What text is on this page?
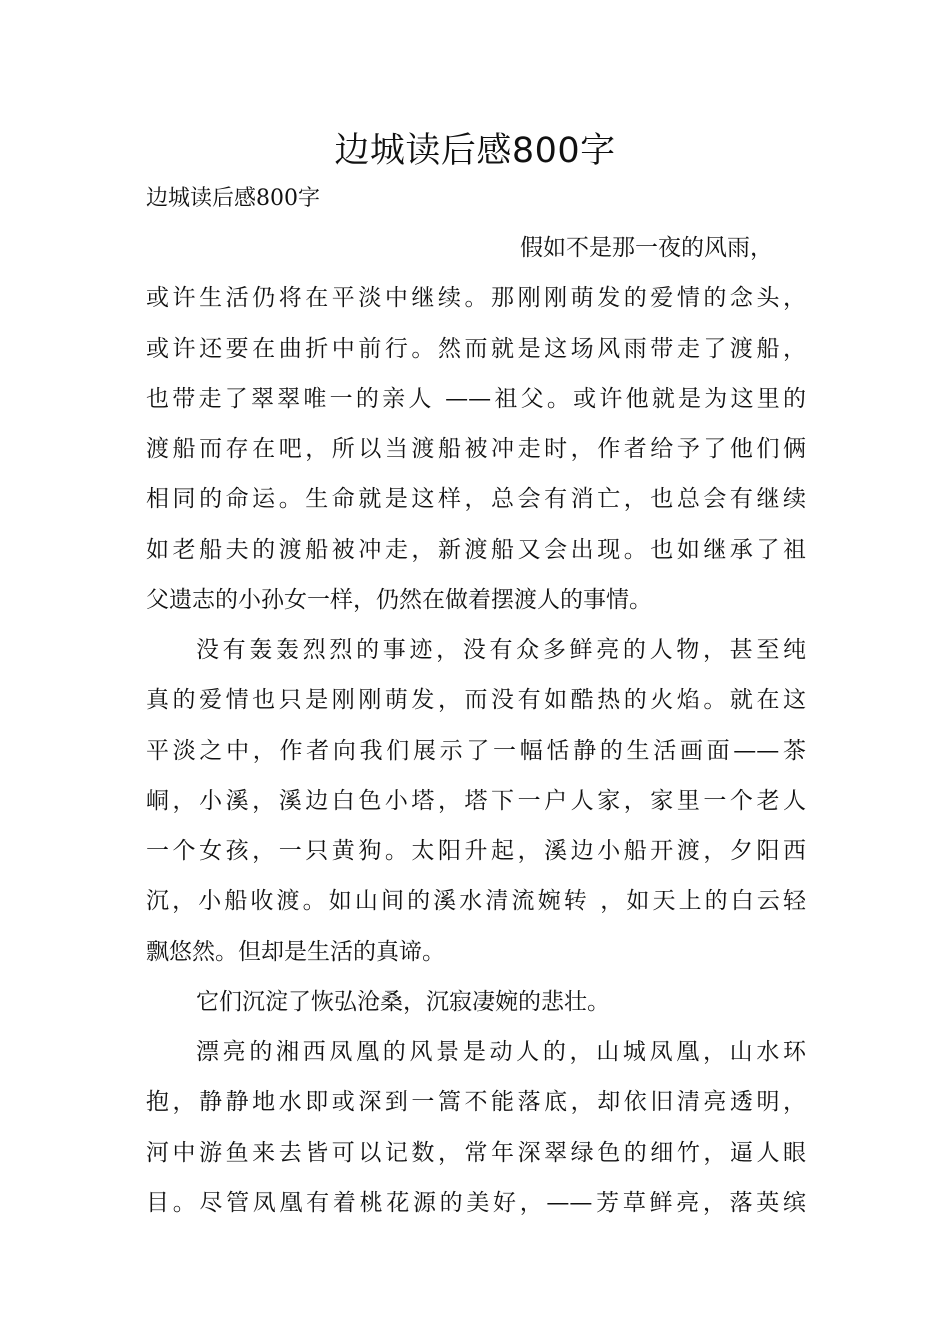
边城读后感800字
边城读后感800字
假如不是那一夜的风雨，
或许生活仍将在平淡中继续。那刚刚萌发的爱情的念头，
或许还要在曲折中前行。然而就是这场风雨带走了渡船，
也带走了翠翠唯一的亲人 ——祖父。或许他就是为这里的
渡船而存在吧，所以当渡船被冲走时，作者给予了他们俩
相同的命运。生命就是这样，总会有消亡，也总会有继续
如老船夫的渡船被冲走，新渡船又会出现。也如继承了祖
父遗志的小孙女一样，仍然在做着摆渡人的事情。
没有轰轰烈烈的事迹，没有众多鲜亮的人物，甚至纯
真的爱情也只是刚刚萌发，而没有如酷热的火焰。就在这
平淡之中，作者向我们展示了一幅恬静的生活画面——茶
峒，小溪，溪边白色小塔，塔下一户人家，家里一个老人
一个女孩，一只黄狗。太阳升起，溪边小船开渡，夕阳西
沉，小船收渡。如山间的溪水清流婉转 ，如天上的白云轻
飘悠然。但却是生活的真谛。
它们沉淀了恢弘沧桑，沉寂凄婉的悲壮。
漂亮的湘西凤凰的风景是动人的，山城凤凰，山水环
抱，静静地水即或深到一篙不能落底，却依旧清亮透明，
河中游鱼来去皆可以记数，常年深翠绿色的细竹，逼人眼
目。尽管凤凰有着桃花源的美好，——芳草鲜亮，落英缤
